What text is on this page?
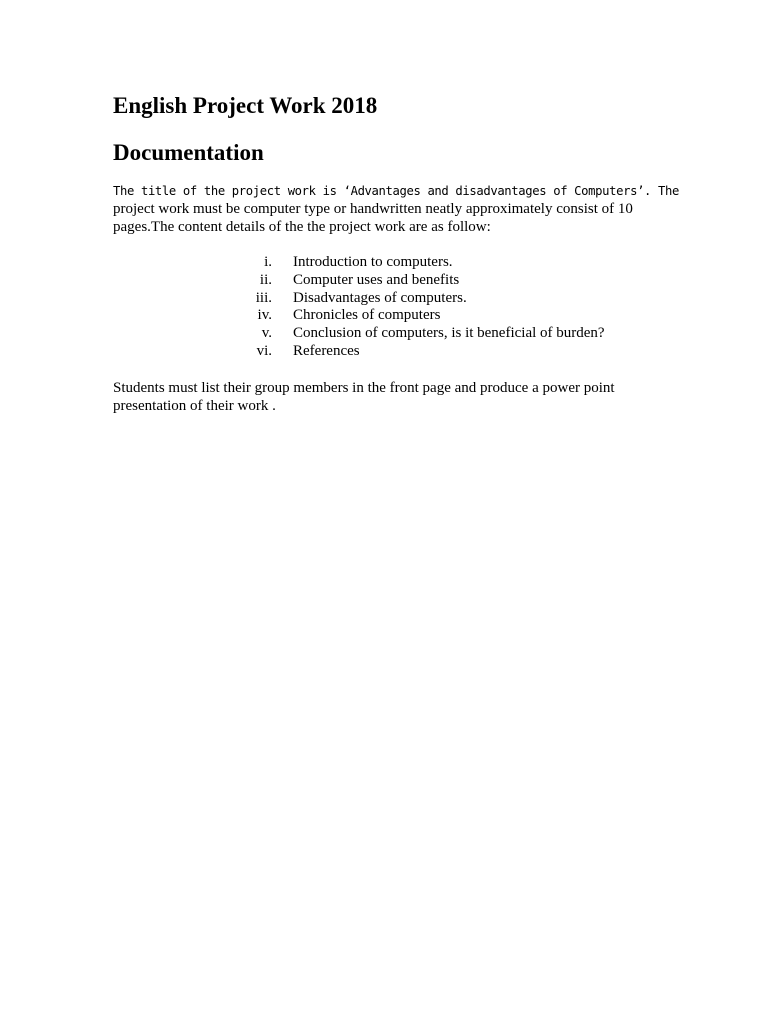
English Project Work 2018
Documentation

The title of the project work is ‘Advantages and disadvantages of Computers’. The
project work must be computer type or handwritten neatly approximately consist of 10
pages.The content details of the the project work are as follow:

i.	Introduction to computers.
ii.	Computer uses and benefits
iii.	Disadvantages of computers.
iv.	Chronicles of computers
v.	Conclusion of computers, is it beneficial of burden?
vi.	References

Students must list their group members in the front page and produce a power point
presentation of their work .
